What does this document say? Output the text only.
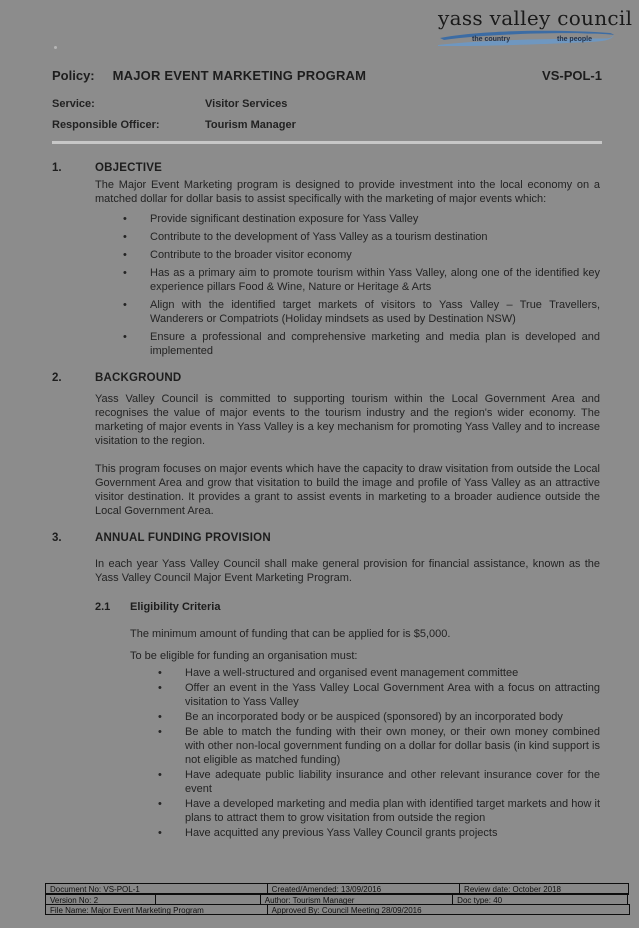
yass valley council
the country	the people
Policy: MAJOR EVENT MARKETING PROGRAM	VS-POL-1
Service:	Visitor Services
Responsible Officer:	Tourism Manager
1.	OBJECTIVE

The Major Event Marketing program is designed to provide investment into the local economy on a matched dollar for dollar basis to assist specifically with the marketing of major events which:

• Provide significant destination exposure for Yass Valley
• Contribute to the development of Yass Valley as a tourism destination
• Contribute to the broader visitor economy
• Has as a primary aim to promote tourism within Yass Valley, along one of the identified key experience pillars Food & Wine, Nature or Heritage & Arts
• Align with the identified target markets of visitors to Yass Valley – True Travellers, Wanderers or Compatriots (Holiday mindsets as used by Destination NSW)
• Ensure a professional and comprehensive marketing and media plan is developed and implemented
2.	BACKGROUND

Yass Valley Council is committed to supporting tourism within the Local Government Area and recognises the value of major events to the tourism industry and the region's wider economy. The marketing of major events in Yass Valley is a key mechanism for promoting Yass Valley and to increase visitation to the region.

This program focuses on major events which have the capacity to draw visitation from outside the Local Government Area and grow that visitation to build the image and profile of Yass Valley as an attractive visitor destination. It provides a grant to assist events in marketing to a broader audience outside the Local Government Area.

3.	ANNUAL FUNDING PROVISION

In each year Yass Valley Council shall make general provision for financial assistance, known as the Yass Valley Council Major Event Marketing Program.

2.1 Eligibility Criteria

The minimum amount of funding that can be applied for is $5,000.

To be eligible for funding an organisation must:

• Have a well-structured and organised event management committee
• Offer an event in the Yass Valley Local Government Area with a focus on attracting visitation to Yass Valley
• Be an incorporated body or be auspiced (sponsored) by an incorporated body
• Be able to match the funding with their own money, or their own money combined with other non-local government funding on a dollar for dollar basis (in kind support is not eligible as matched funding)
• Have adequate public liability insurance and other relevant insurance cover for the event
• Have a developed marketing and media plan with identified target markets and how it plans to attract them to grow visitation from outside the region
• Have acquitted any previous Yass Valley Council grants projects
Document No: VS-POL-1	Created/Amended: 13/09/2016	Review date: October 2018
Version No: 2	Author: Tourism Manager	Doc type: 40
File Name: Major Event Marketing Program	Approved By: Council Meeting 28/09/2016
